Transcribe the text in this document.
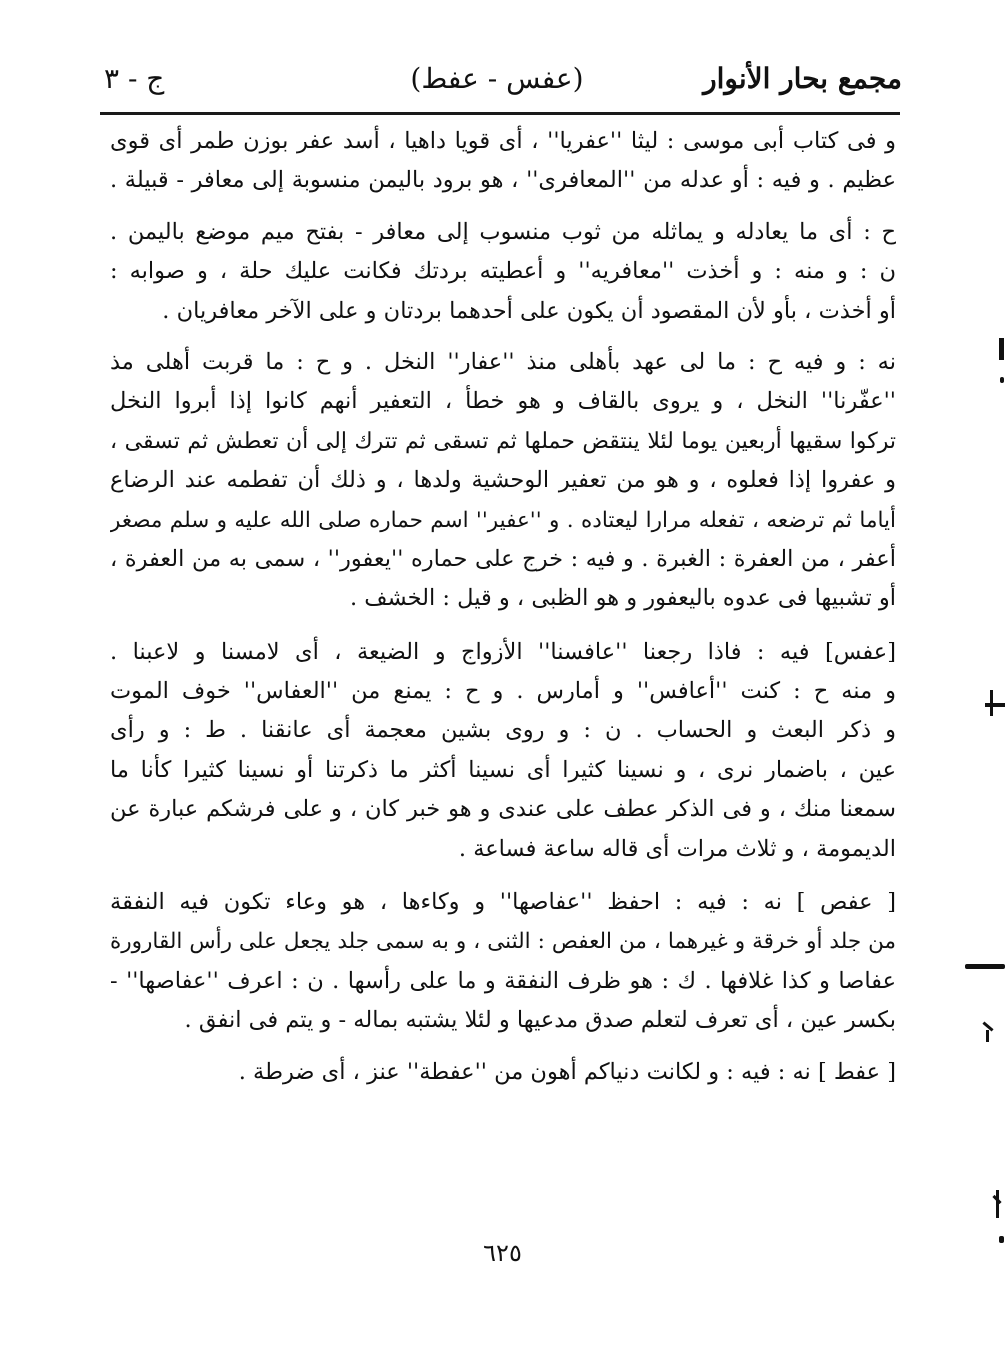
مجمع بحار الأنوار
(عفس - عفط)
ج - ٣
و فى كتاب أبى موسى : ليثا ''عفريا'' ، أى قويا داهيا ، أسد عفر بوزن طمر أى قوى
عظيم . و فيه : أو عدله من ''المعافرى'' ، هو برود باليمن منسوبة إلى معافر - قبيلة .
ح : أى ما يعادله و يماثله من ثوب منسوب إلى معافر - بفتح ميم موضع باليمن .
ن : و منه : و أخذت ''معافريه'' و أعطيته بردتك فكانت عليك حلة ، و صوابه :
أو أخذت ، بأو لأن المقصود أن يكون على أحدهما بردتان و على الآخر معافريان .
نه : و فيه ح : ما لى عهد بأهلى منذ ''عفار'' النخل . و ح : ما قربت أهلى مذ
''عفّرنا'' النخل ، و يروى بالقاف و هو خطأ ، التعفير أنهم كانوا إذا أبروا النخل
تركوا سقيها أربعين يوما لئلا ينتقض حملها ثم تسقى ثم تترك إلى أن تعطش ثم تسقى ،
و عفروا إذا فعلوه ، و هو من تعفير الوحشية ولدها ، و ذلك أن تفطمه عند الرضاع
أياما ثم ترضعه ، تفعله مرارا ليعتاده . و ''عفير'' اسم حماره صلى الله عليه و سلم مصغر
أعفر ، من العفرة : الغبرة . و فيه : خرج على حماره ''يعفور'' ، سمى به من العفرة ،
أو تشبيها فى عدوه باليعفور و هو الظبى ، و قيل : الخشف .
[عفس] فيه : فاذا رجعنا ''عافسنا'' الأزواج و الضيعة ، أى لامسنا و لاعبنا .
و منه ح : كنت ''أعافس'' و أمارس . و ح : يمنع من ''العفاس'' خوف الموت
و ذكر البعث و الحساب . ن : و روى بشين معجمة أى عانقنا . ط : و رأى
عين ، باضمار نرى ، و نسينا كثيرا أى نسينا أكثر ما ذكرتنا أو نسينا كثيرا كأنا ما
سمعنا منك ، و فى الذكر عطف على عندى و هو خبر كان ، و على فرشكم عبارة عن
الديمومة ، و ثلاث مرات أى قاله ساعة فساعة .
[ عفص ] نه : فيه : احفظ ''عفاصها'' و وكاءها ، هو وعاء تكون فيه النفقة
من جلد أو خرقة و غيرهما ، من العفص : الثنى ، و به سمى جلد يجعل على رأس القارورة
عفاصا و كذا غلافها . ك : هو ظرف النفقة و ما على رأسها . ن : اعرف ''عفاصها'' -
بكسر عين ، أى تعرف لتعلم صدق مدعيها و لئلا يشتبه بماله - و يتم فى انفق .
[ عفط ] نه : فيه : و لكانت دنياكم أهون من ''عفطة'' عنز ، أى ضرطة .
٦٢٥
